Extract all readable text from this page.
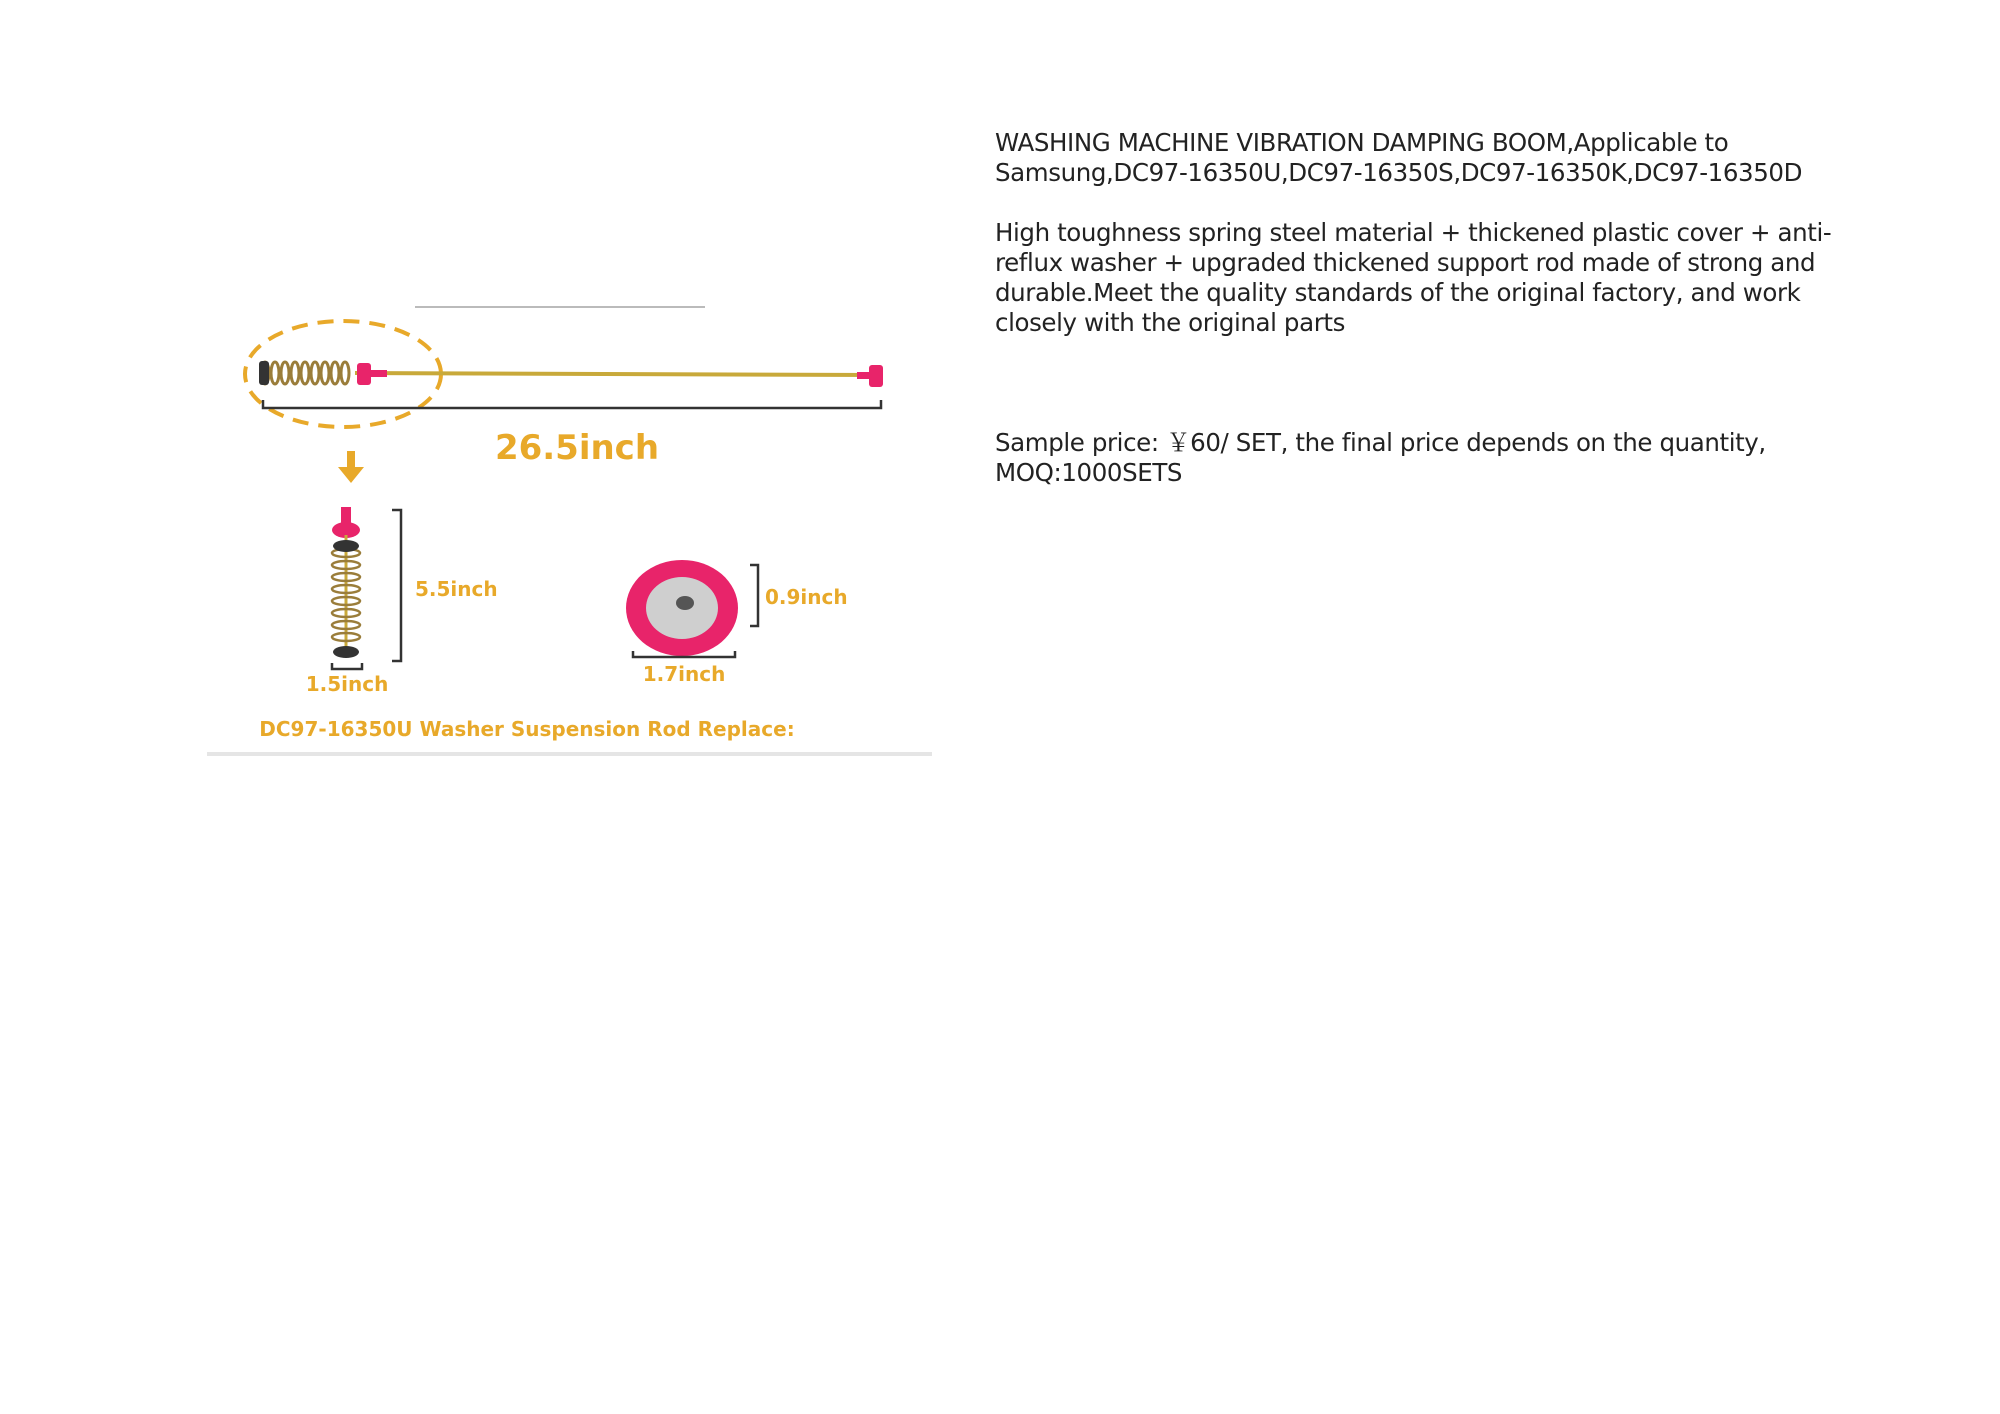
26.5inch
5.5inch
1.5inch
0.9inch
1.7inch
DC97-16350U Washer Suspension Rod Replace:

WASHING MACHINE VIBRATION DAMPING BOOM,Applicable to
Samsung,DC97-16350U,DC97-16350S,DC97-16350K,DC97-16350D

High toughness spring steel material + thickened plastic cover + anti-reflux washer + upgraded thickened support rod made of strong and durable.Meet the quality standards of the original factory, and work closely with the original parts

Sample price: ￥60/ SET, the final price depends on the quantity,
MOQ:1000SETS
